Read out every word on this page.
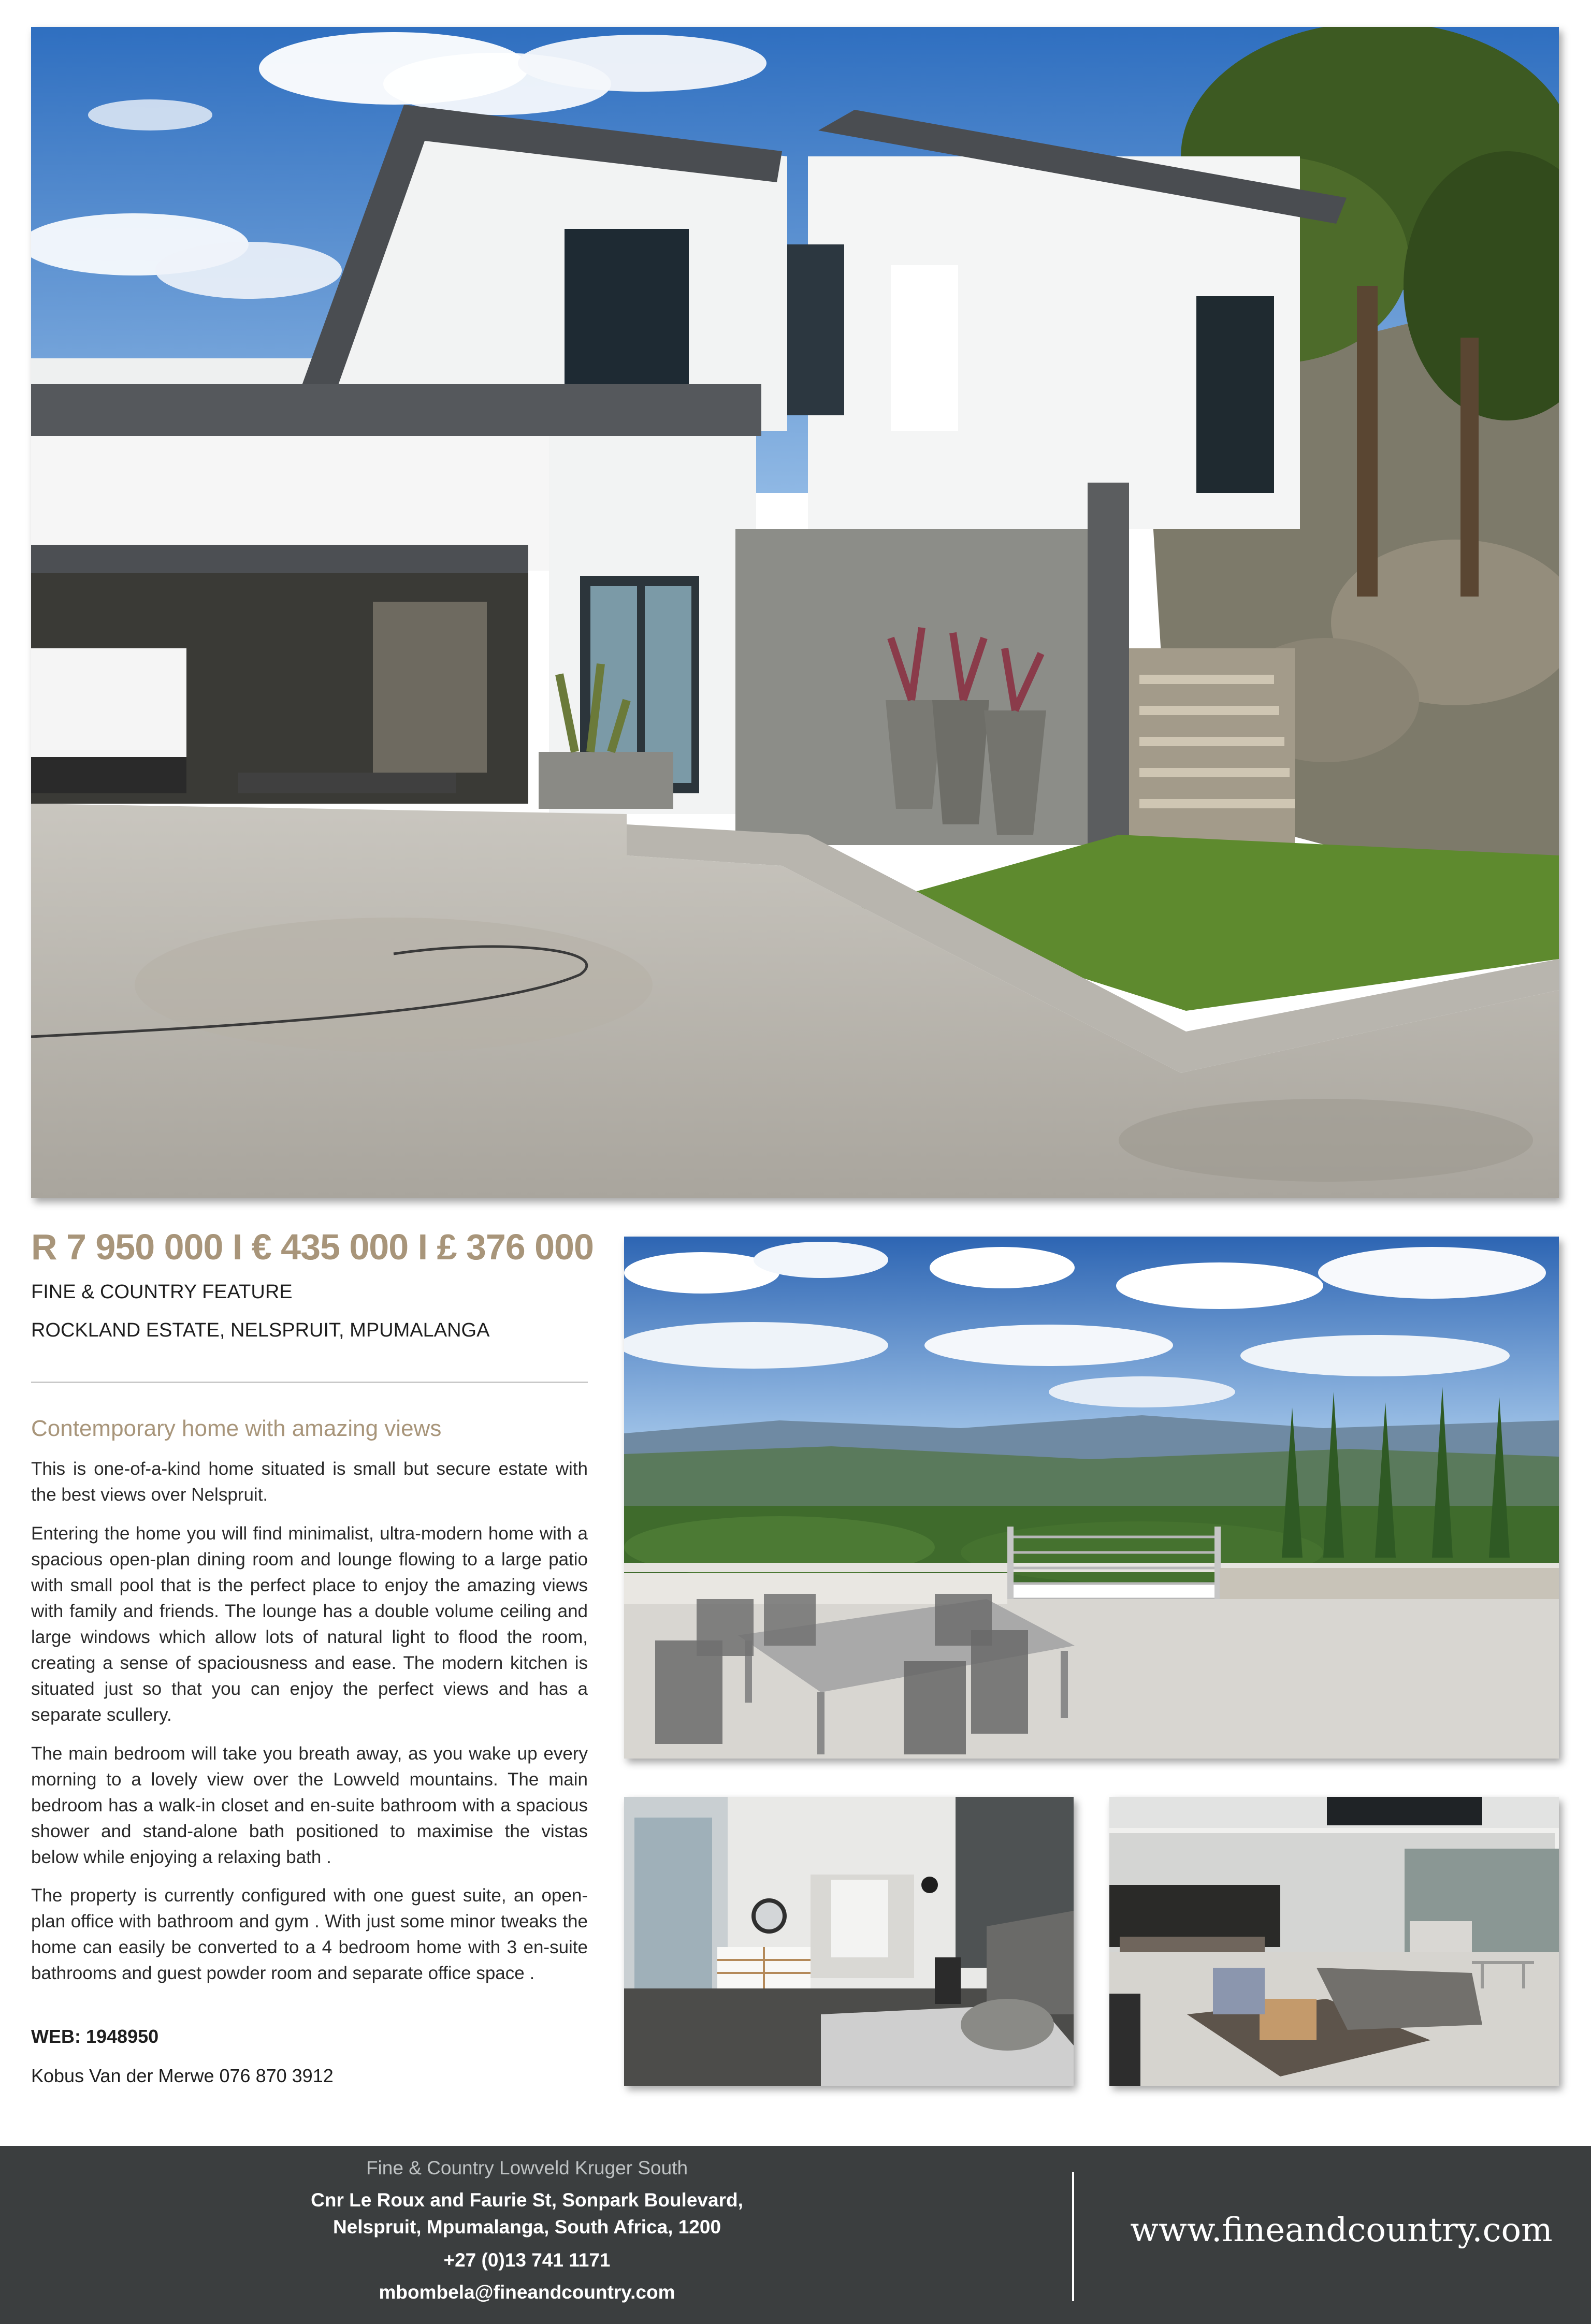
R 7 950 000 I € 435 000 I £ 376 000
FINE & COUNTRY FEATURE
ROCKLAND ESTATE, NELSPRUIT, MPUMALANGA
Contemporary home with amazing views
This is one-of-a-kind home situated is small but secure estate with the best views over Nelspruit.
Entering the home you will find minimalist, ultra-modern home with a spacious open-plan dining room and lounge flowing to a large patio with small pool that is the perfect place to enjoy the amazing views with family and friends. The lounge has a double volume ceiling and large windows which allow lots of natural light to flood the room, creating a sense of spaciousness and ease. The modern kitchen is situated just so that you can enjoy the perfect views and has a separate scullery.
The main bedroom will take you breath away, as you wake up every morning to a lovely view over the Lowveld mountains. The main bedroom has a walk-in closet and en-suite bathroom with a spacious shower and stand-alone bath positioned to maximise the vistas below while enjoying a relaxing bath .
The property is currently configured with one guest suite, an open-plan office with bathroom and gym . With just some minor tweaks the home can easily be converted to a 4 bedroom home with 3 en-suite bathrooms and guest powder room and separate office space .
WEB: 1948950
Kobus Van der Merwe 076 870 3912
Fine & Country Lowveld Kruger South
Cnr Le Roux and Faurie St, Sonpark Boulevard,
Nelspruit, Mpumalanga, South Africa, 1200
+27 (0)13 741 1171
mbombela@fineandcountry.com
www.fineandcountry.com
